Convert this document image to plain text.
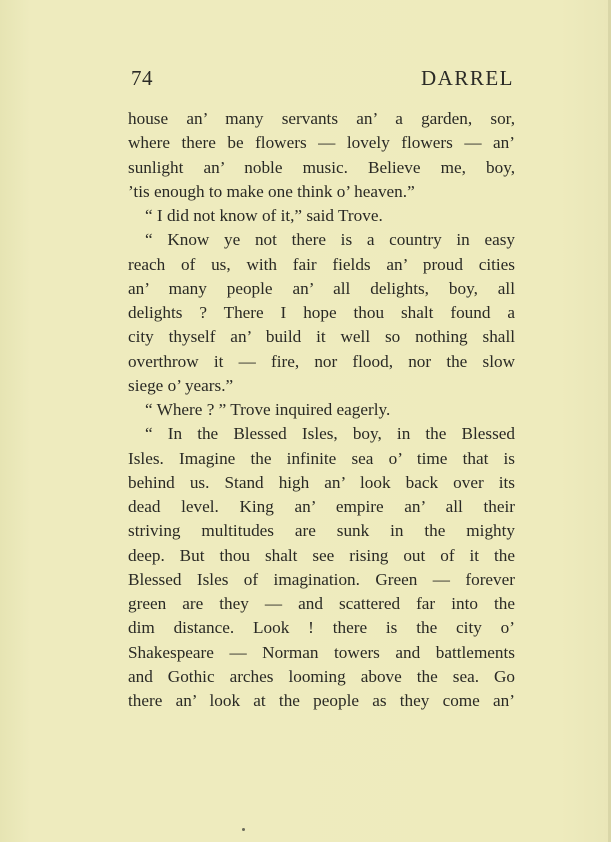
74	DARREL
house an’ many servants an’ a garden, sor,
where there be flowers — lovely flowers — an’
sunlight an’ noble music. Believe me, boy,
’tis enough to make one think o’ heaven.”
“ I did not know of it,” said Trove.
“ Know ye not there is a country in easy
reach of us, with fair fields an’ proud cities
an’ many people an’ all delights, boy, all
delights ? There I hope thou shalt found a
city thyself an’ build it well so nothing shall
overthrow it — fire, nor flood, nor the slow
siege o’ years.”
“ Where ? ” Trove inquired eagerly.
“ In the Blessed Isles, boy, in the Blessed
Isles. Imagine the infinite sea o’ time that is
behind us. Stand high an’ look back over its
dead level. King an’ empire an’ all their
striving multitudes are sunk in the mighty
deep. But thou shalt see rising out of it the
Blessed Isles of imagination. Green — forever
green are they — and scattered far into the
dim distance. Look ! there is the city o’
Shakespeare — Norman towers and battlements
and Gothic arches looming above the sea. Go
there an’ look at the people as they come an’
